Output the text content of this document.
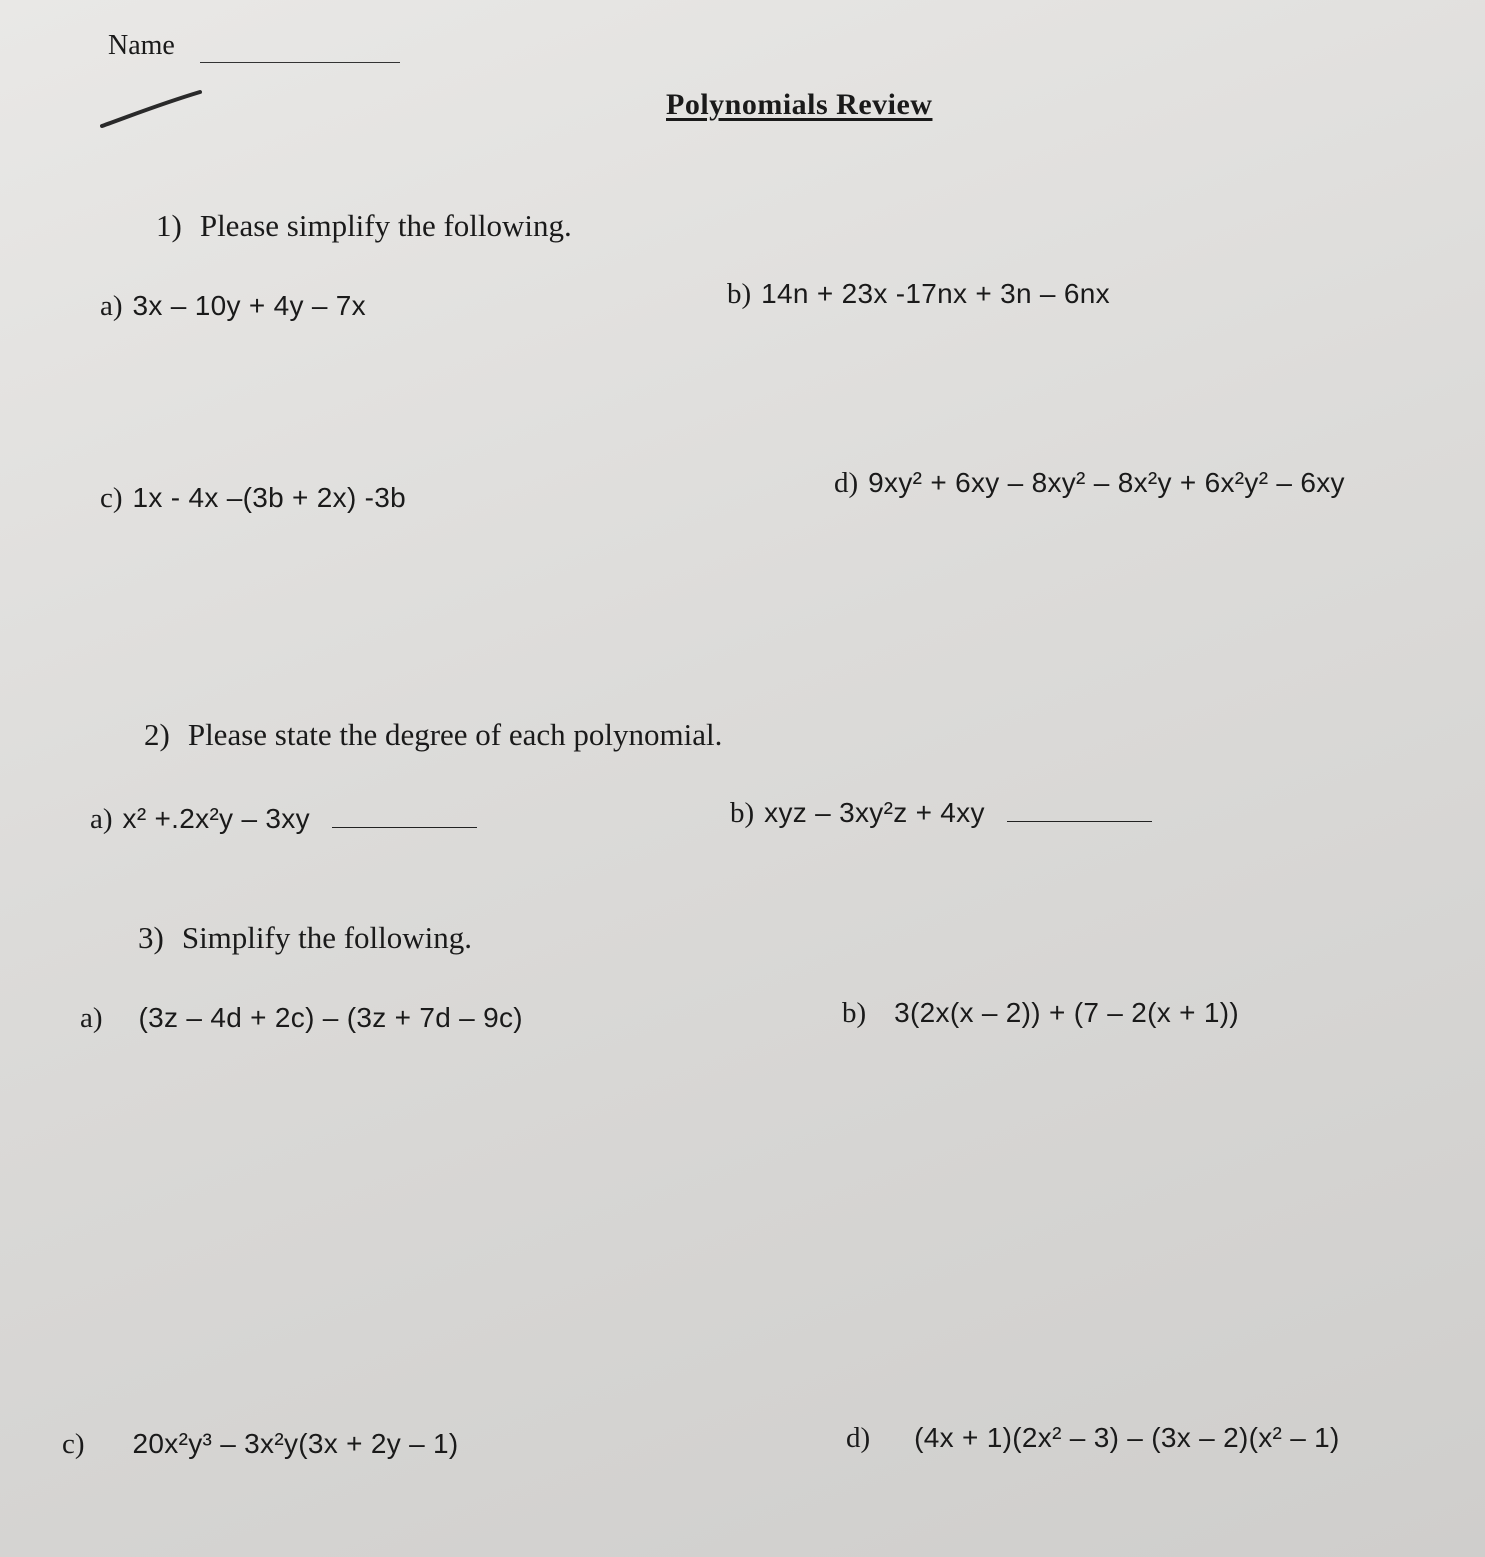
Name
Polynomials Review
1) Please simplify the following.
a) 3x – 10y + 4y – 7x	b) 14n + 23x -17nx + 3n – 6nx
c) 1x - 4x –(3b + 2x) -3b	d) 9xy² + 6xy – 8xy² – 8x²y + 6x²y² – 6xy
2) Please state the degree of each polynomial.
a) x² +.2x²y – 3xy	b) xyz – 3xy²z + 4xy
3) Simplify the following.
a) (3z – 4d + 2c) – (3z + 7d – 9c)	b) 3(2x(x – 2)) + (7 – 2(x + 1))
c) 20x²y³ – 3x²y(3x + 2y – 1)	d) (4x + 1)(2x² – 3) – (3x – 2)(x² – 1)
